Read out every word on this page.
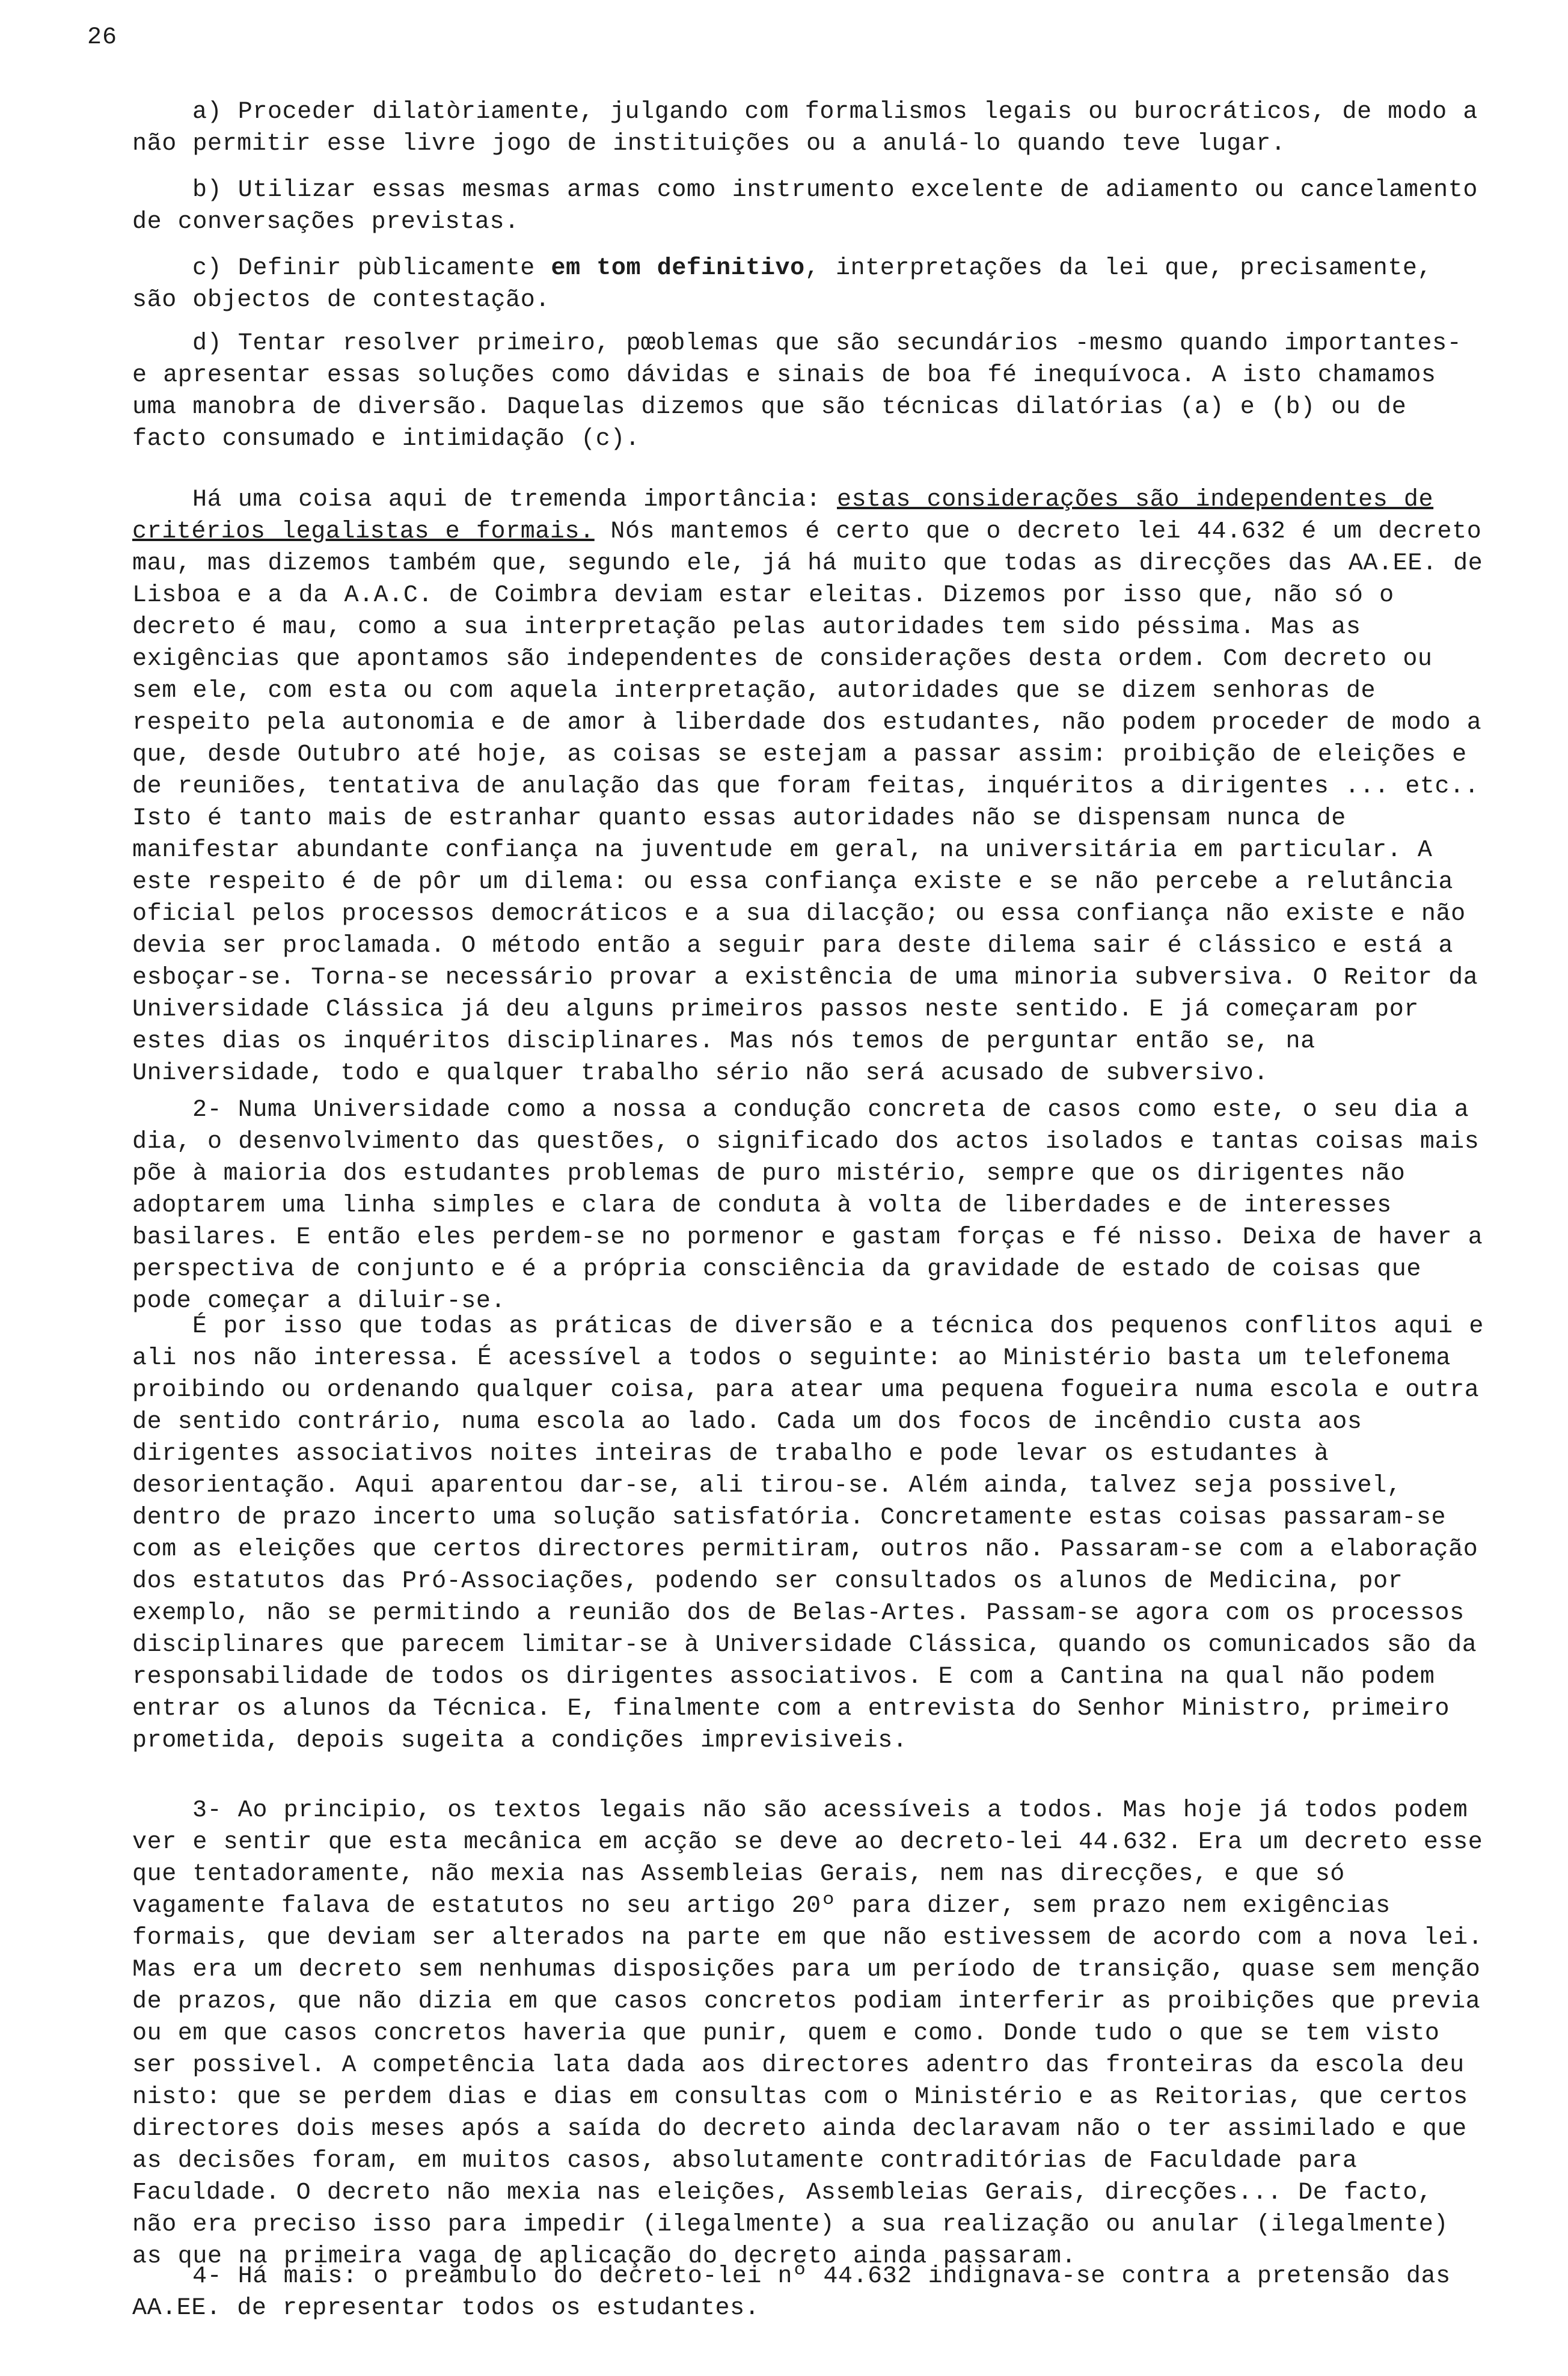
26
a) Proceder dilatòriamente, julgando com formalismos legais ou burocráticos, de modo a não permitir esse livre jogo de instituições ou a anulá-lo quando teve lugar.
b) Utilizar essas mesmas armas como instrumento excelente de adiamento ou cancelamento de conversações previstas.
c) Definir pùblicamente em tom definitivo, interpretações da lei que, precisamente, são objectos de contestação.
d) Tentar resolver primeiro, pœoblemas que são secundários -mesmo quando importantes- e apresentar essas soluções como dávidas e sinais de boa fé inequívoca. A isto chamamos uma manobra de diversão. Daquelas dizemos que são técnicas dilatórias (a) e (b) ou de facto consumado e intimidação (c).
Há uma coisa aqui de tremenda importância: estas considerações são independentes de critérios legalistas e formais. Nós mantemos é certo que o decreto lei 44.632 é um decreto mau, mas dizemos também que, segundo ele, já há muito que todas as direcções das AA.EE. de Lisboa e a da A.A.C. de Coimbra deviam estar eleitas. Dizemos por isso que, não só o decreto é mau, como a sua interpretação pelas autoridades tem sido péssima. Mas as exigências que apontamos são independentes de considerações desta ordem. Com decreto ou sem ele, com esta ou com aquela interpretação, autoridades que se dizem senhoras de respeito pela autonomia e de amor à liberdade dos estudantes, não podem proceder de modo a que, desde Outubro até hoje, as coisas se estejam a passar assim: proibição de eleições e de reuniões, tentativa de anulação das que foram feitas, inquéritos a dirigentes ... etc.. Isto é tanto mais de estranhar quanto essas autoridades não se dispensam nunca de manifestar abundante confiança na juventude em geral, na universitária em particular. A este respeito é de pôr um dilema: ou essa confiança existe e se não percebe a relutância oficial pelos processos democráticos e a sua dilacção; ou essa confiança não existe e não devia ser proclamada. O método então a seguir para deste dilema sair é clássico e está a esboçar-se. Torna-se necessário provar a existência de uma minoria subversiva. O Reitor da Universidade Clássica já deu alguns primeiros passos neste sentido. E já começaram por estes dias os inquéritos disciplinares. Mas nós temos de perguntar então se, na Universidade, todo e qualquer trabalho sério não será acusado de subversivo.
2- Numa Universidade como a nossa a condução concreta de casos como este, o seu dia a dia, o desenvolvimento das questões, o significado dos actos isolados e tantas coisas mais põe à maioria dos estudantes problemas de puro mistério, sempre que os dirigentes não adoptarem uma linha simples e clara de conduta à volta de liberdades e de interesses basilares. E então eles perdem-se no pormenor e gastam forças e fé nisso. Deixa de haver a perspectiva de conjunto e é a própria consciência da gravidade de estado de coisas que pode começar a diluir-se.
É por isso que todas as práticas de diversão e a técnica dos pequenos conflitos aqui e ali nos não interessa. É acessível a todos o seguinte: ao Ministério basta um telefonema proibindo ou ordenando qualquer coisa, para atear uma pequena fogueira numa escola e outra de sentido contrário, numa escola ao lado. Cada um dos focos de incêndio custa aos dirigentes associativos noites inteiras de trabalho e pode levar os estudantes à desorientação. Aqui aparentou dar-se, ali tirou-se. Além ainda, talvez seja possivel, dentro de prazo incerto uma solução satisfatória. Concretamente estas coisas passaram-se com as eleições que certos directores permitiram, outros não. Passaram-se com a elaboração dos estatutos das Pró-Associações, podendo ser consultados os alunos de Medicina, por exemplo, não se permitindo a reunião dos de Belas-Artes. Passam-se agora com os processos disciplinares que parecem limitar-se à Universidade Clássica, quando os comunicados são da responsabilidade de todos os dirigentes associativos. E com a Cantina na qual não podem entrar os alunos da Técnica. E, finalmente com a entrevista do Senhor Ministro, primeiro prometida, depois sugeita a condições imprevisiveis.
3- Ao principio, os textos legais não são acessíveis a todos. Mas hoje já todos podem ver e sentir que esta mecânica em acção se deve ao decreto-lei 44.632. Era um decreto esse que tentadoramente, não mexia nas Assembleias Gerais, nem nas direcções, e que só vagamente falava de estatutos no seu artigo 20º para dizer, sem prazo nem exigências formais, que deviam ser alterados na parte em que não estivessem de acordo com a nova lei. Mas era um decreto sem nenhumas disposições para um período de transição, quase sem menção de prazos, que não dizia em que casos concretos podiam interferir as proibições que previa ou em que casos concretos haveria que punir, quem e como. Donde tudo o que se tem visto ser possivel. A competência lata dada aos directores adentro das fronteiras da escola deu nisto: que se perdem dias e dias em consultas com o Ministério e as Reitorias, que certos directores dois meses após a saída do decreto ainda declaravam não o ter assimilado e que as decisões foram, em muitos casos, absolutamente contraditórias de Faculdade para Faculdade. O decreto não mexia nas eleições, Assembleias Gerais, direcções... De facto, não era preciso isso para impedir (ilegalmente) a sua realização ou anular (ilegalmente) as que na primeira vaga de aplicação do decreto ainda passaram.
4- Há mais: o preambulo do decreto-lei nº 44.632 indignava-se contra a pretensão das AA.EE. de representar todos os estudantes.
